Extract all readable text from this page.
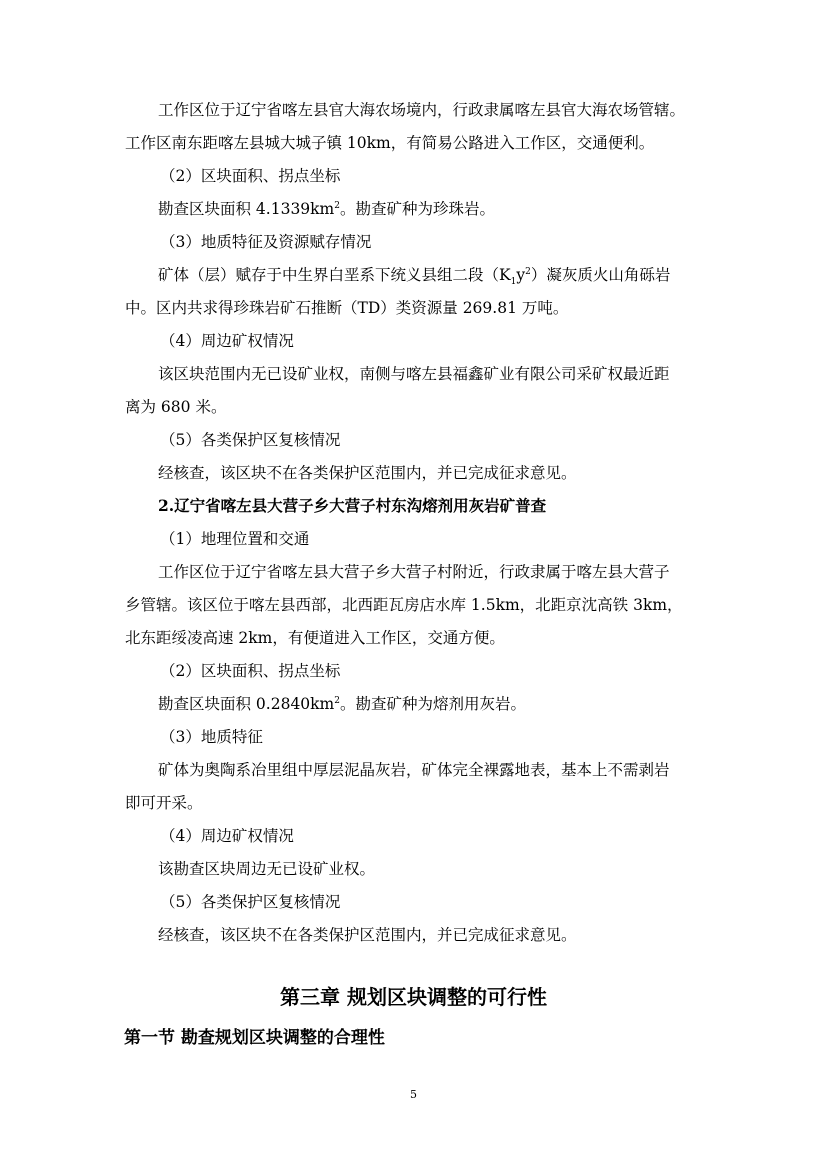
工作区位于辽宁省喀左县官大海农场境内，行政隶属喀左县官大海农场管辖。
工作区南东距喀左县城大城子镇 10km，有简易公路进入工作区，交通便利。
（2）区块面积、拐点坐标
勘查区块面积 $4.1339km^2$。勘查矿种为珍珠岩。
（3）地质特征及资源赋存情况
矿体（层）赋存于中生界白垩系下统义县组二段$(K_1y^2)$凝灰质火山角砾岩
中。区内共求得珍珠岩矿石推断（TD）类资源量 269.81 万吨。
（4）周边矿权情况
该区块范围内无已设矿业权，南侧与喀左县福鑫矿业有限公司采矿权最近距
离为 680 米。
（5）各类保护区复核情况
经核查，该区块不在各类保护区范围内，并已完成征求意见。
2.辽宁省喀左县大营子乡大营子村东沟熔剂用灰岩矿普查
（1）地理位置和交通
工作区位于辽宁省喀左县大营子乡大营子村附近，行政隶属于喀左县大营子
乡管辖。该区位于喀左县西部，北西距瓦房店水库 1.5km，北距京沈高铁 3km，
北东距绥凌高速 2km，有便道进入工作区，交通方便。
（2）区块面积、拐点坐标
勘查区块面积 $0.2840km^2$。勘查矿种为熔剂用灰岩。
（3）地质特征
矿体为奥陶系冶里组中厚层泥晶灰岩，矿体完全裸露地表，基本上不需剥岩
即可开采。
（4）周边矿权情况
该勘查区块周边无已设矿业权。
（5）各类保护区复核情况
经核查，该区块不在各类保护区范围内，并已完成征求意见。
第三章 规划区块调整的可行性
第一节 勘查规划区块调整的合理性
5
